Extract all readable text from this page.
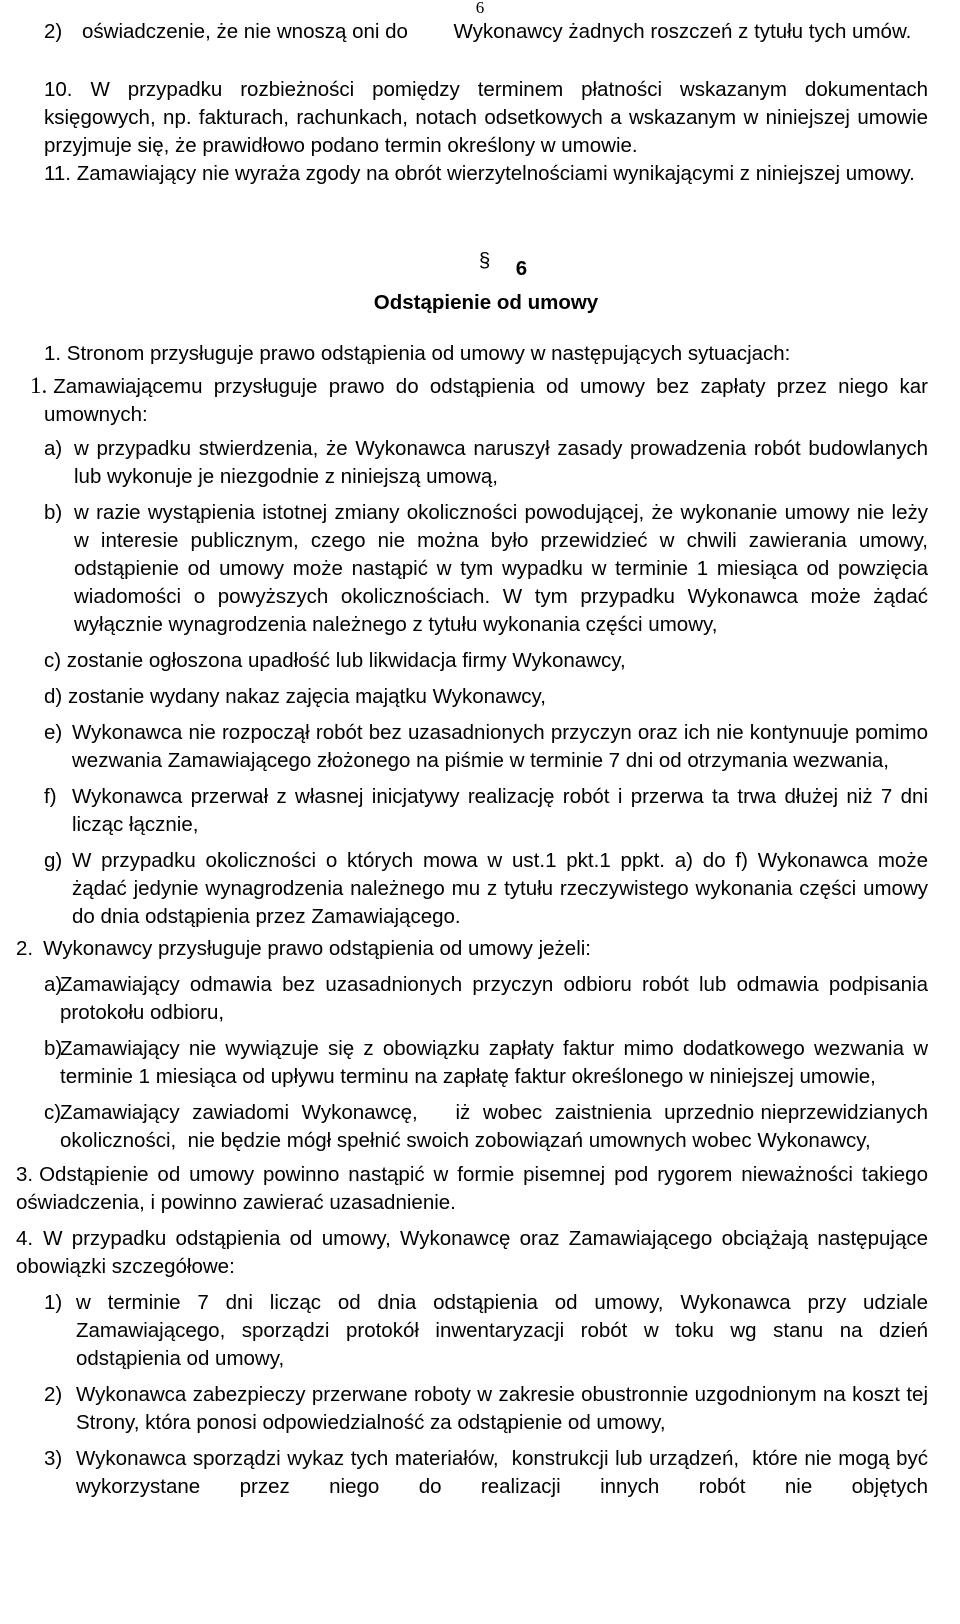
6
2) oświadczenie, że nie wnoszą oni do        Wykonawcy żadnych roszczeń z tytułu tych umów.
10. W przypadku rozbieżności pomiędzy terminem płatności wskazanym dokumentach księgowych, np. fakturach, rachunkach, notach odsetkowych a wskazanym w niniejszej umowie przyjmuje się, że prawidłowo podano termin określony w umowie.
11. Zamawiający nie wyraża zgody na obrót wierzytelnościami wynikającymi z niniejszej umowy.
§ 6
Odstąpienie od umowy
1. Stronom przysługuje prawo odstąpienia od umowy w następujących sytuacjach:
1. Zamawiającemu przysługuje prawo do odstąpienia od umowy bez zapłaty przez niego kar umownych:
a) w przypadku stwierdzenia, że Wykonawca naruszył zasady prowadzenia robót budowlanych lub wykonuje je niezgodnie z niniejszą umową,
b) w razie wystąpienia istotnej zmiany okoliczności powodującej, że wykonanie umowy nie leży w interesie publicznym, czego nie można było przewidzieć w chwili zawierania umowy, odstąpienie od umowy może nastąpić w tym wypadku w terminie 1 miesiąca od powzięcia wiadomości o powyższych okolicznościach. W tym przypadku Wykonawca może żądać wyłącznie wynagrodzenia należnego z tytułu wykonania części umowy,
c) zostanie ogłoszona upadłość lub likwidacja firmy Wykonawcy,
d) zostanie wydany nakaz zajęcia majątku Wykonawcy,
e) Wykonawca nie rozpoczął robót bez uzasadnionych przyczyn oraz ich nie kontynuuje pomimo wezwania Zamawiającego złożonego na piśmie w terminie 7 dni od otrzymania wezwania,
f) Wykonawca przerwał z własnej inicjatywy realizację robót i przerwa ta trwa dłużej niż 7 dni licząc łącznie,
g) W przypadku okoliczności o których mowa w ust.1 pkt.1 ppkt. a) do f) Wykonawca może żądać jedynie wynagrodzenia należnego mu z tytułu rzeczywistego wykonania części umowy do dnia odstąpienia przez Zamawiającego.
2. Wykonawcy przysługuje prawo odstąpienia od umowy jeżeli:
a)
Zamawiający odmawia bez uzasadnionych przyczyn odbioru robót lub odmawia podpisania protokołu odbioru,
b)
Zamawiający nie wywiązuje się z obowiązku zapłaty faktur mimo dodatkowego wezwania w terminie 1 miesiąca od upływu terminu na zapłatę faktur określonego w niniejszej umowie,
c)
Zamawiający  zawiadomi  Wykonawcę,      iż  wobec  zaistnienia  uprzednio nieprzewidzianych okoliczności,  nie będzie mógł spełnić swoich zobowiązań umownych wobec Wykonawcy,
3. Odstąpienie od umowy powinno nastąpić w formie pisemnej pod rygorem nieważności takiego oświadczenia, i powinno zawierać uzasadnienie.
4. W przypadku odstąpienia od umowy, Wykonawcę oraz Zamawiającego obciążają następujące obowiązki szczegółowe:
1) w terminie 7 dni licząc od dnia odstąpienia od umowy, Wykonawca przy udziale Zamawiającego, sporządzi protokół inwentaryzacji robót w toku wg stanu na dzień odstąpienia od umowy,
2) Wykonawca zabezpieczy przerwane roboty w zakresie obustronnie uzgodnionym na koszt tej Strony, która ponosi odpowiedzialność za odstąpienie od umowy,
3) Wykonawca sporządzi wykaz tych materiałów,  konstrukcji lub urządzeń,  które nie mogą być wykorzystane przez niego do realizacji innych robót nie objętych
